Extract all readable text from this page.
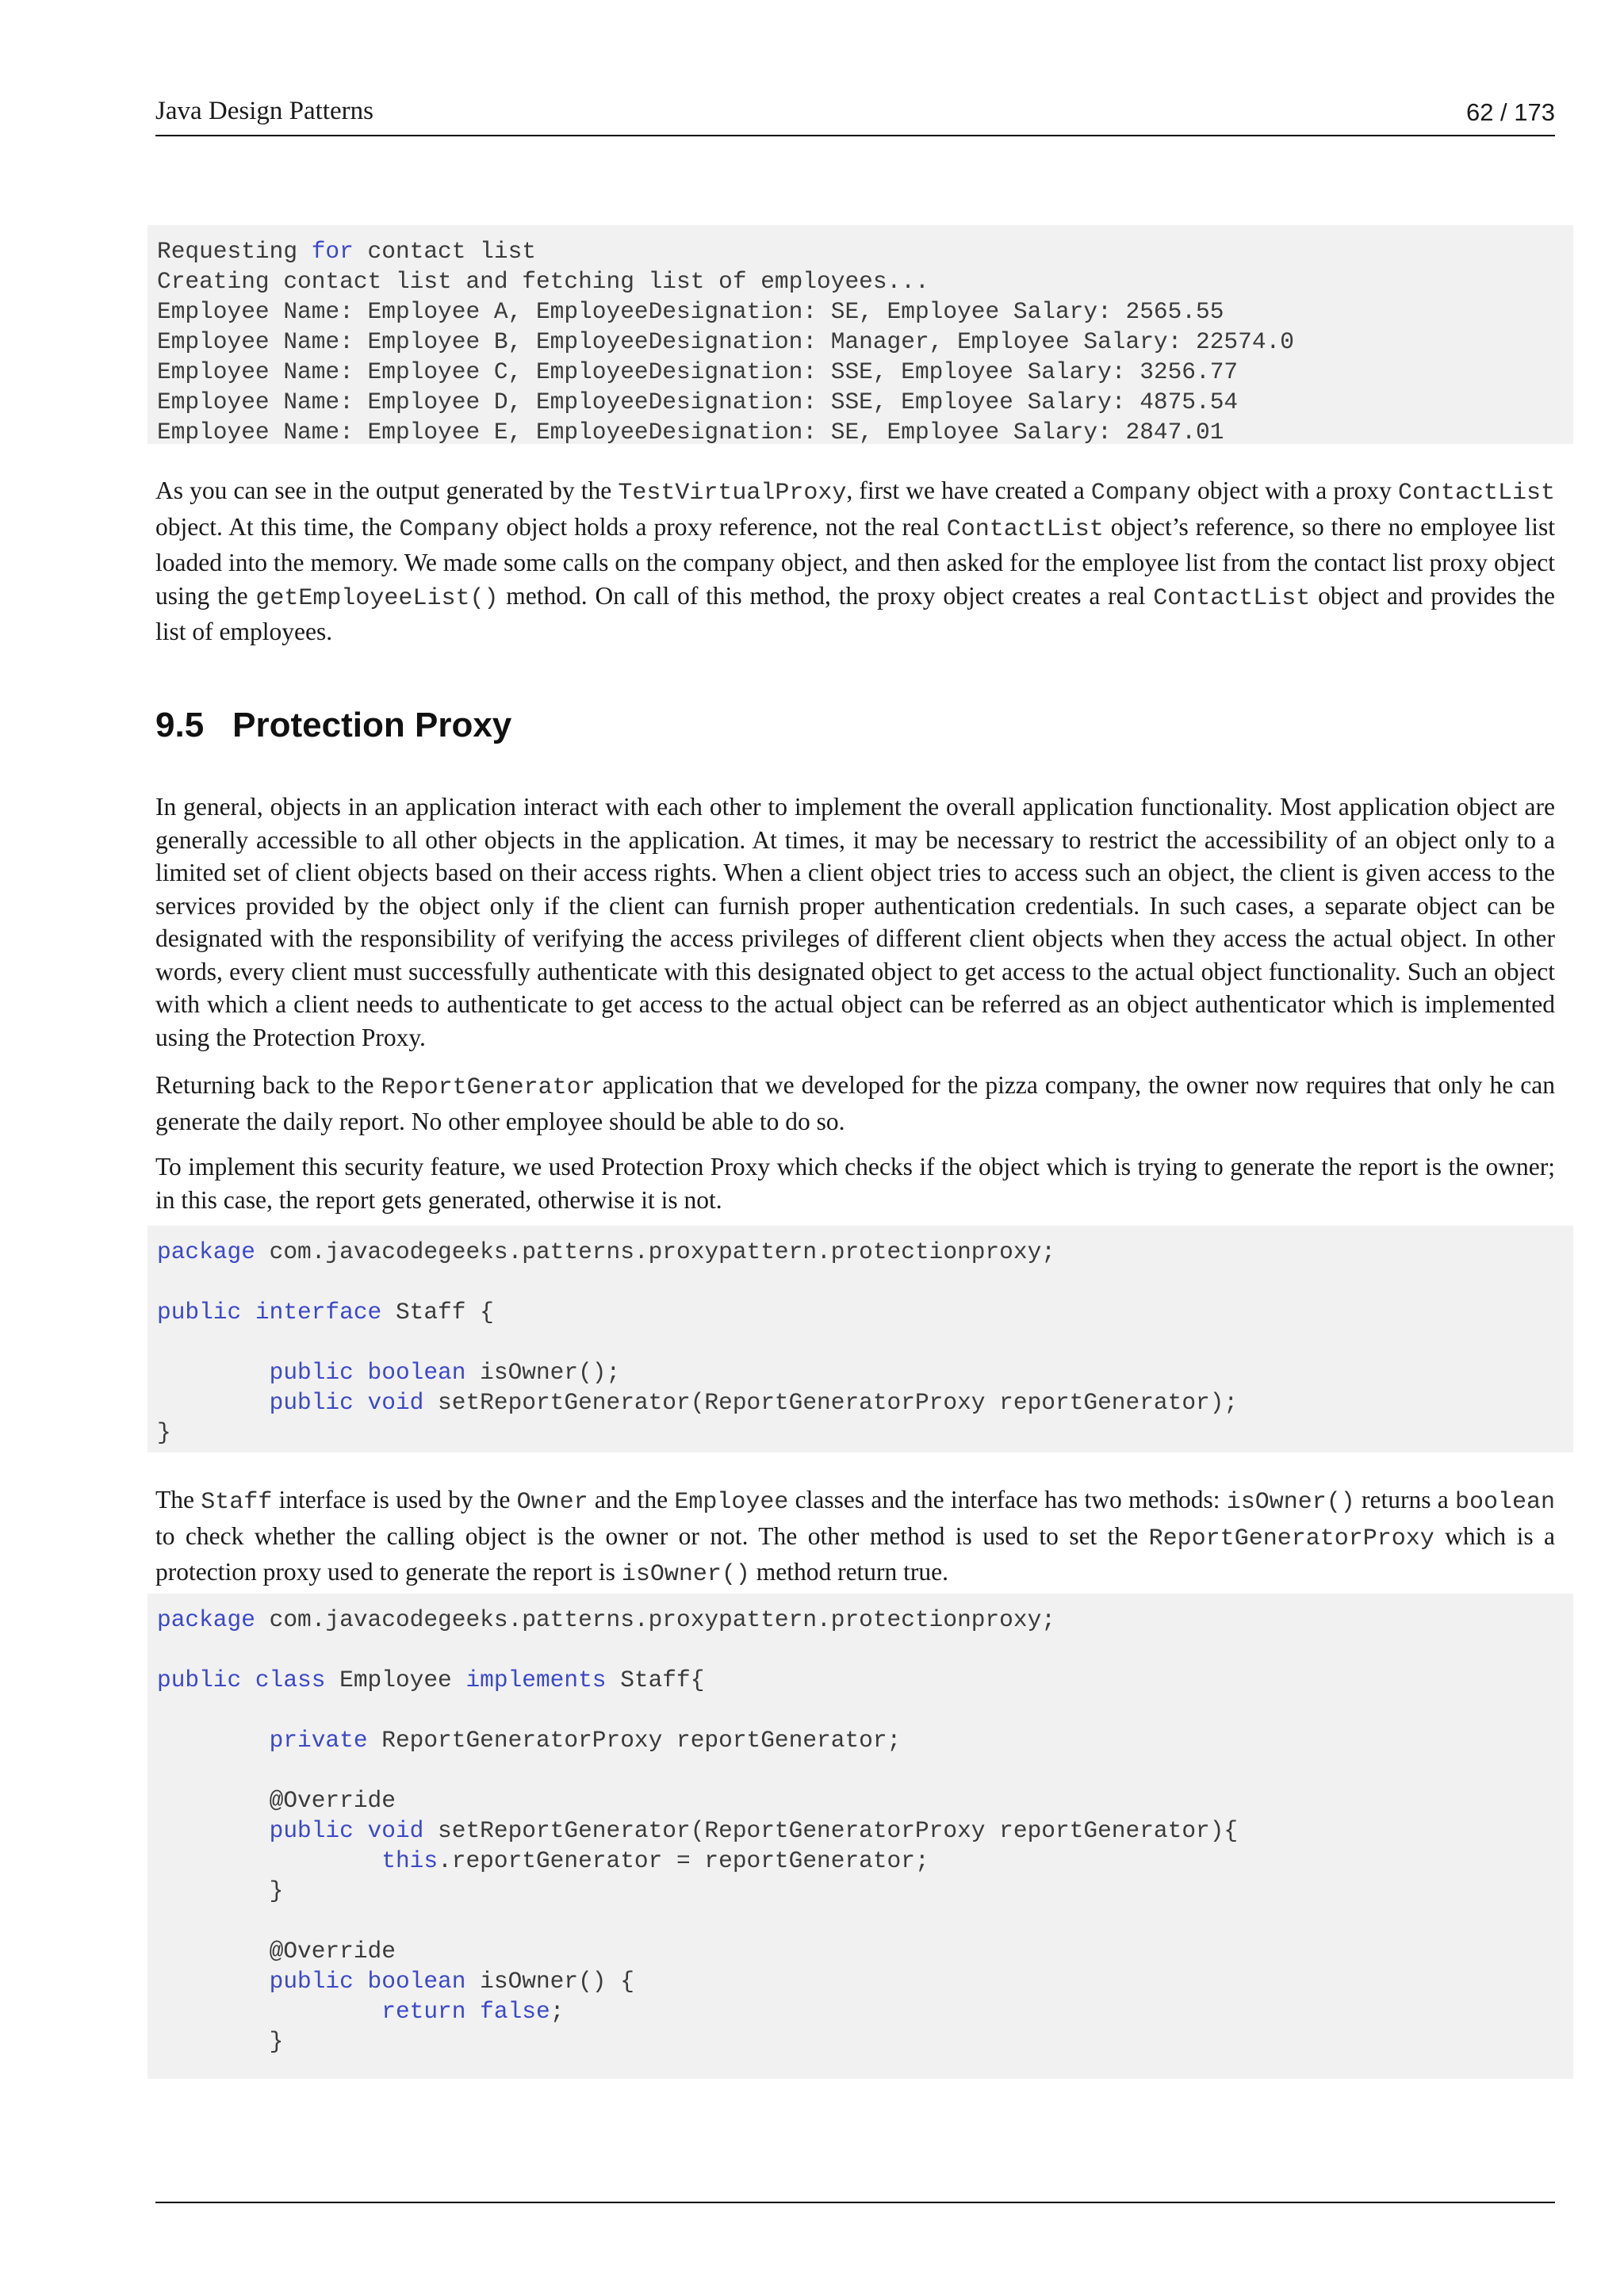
Java Design Patterns	62 / 173
Requesting for contact list
Creating contact list and fetching list of employees...
Employee Name: Employee A, EmployeeDesignation: SE, Employee Salary: 2565.55
Employee Name: Employee B, EmployeeDesignation: Manager, Employee Salary: 22574.0
Employee Name: Employee C, EmployeeDesignation: SSE, Employee Salary: 3256.77
Employee Name: Employee D, EmployeeDesignation: SSE, Employee Salary: 4875.54
Employee Name: Employee E, EmployeeDesignation: SE, Employee Salary: 2847.01
As you can see in the output generated by the TestVirtualProxy, first we have created a Company object with a proxy ContactList object. At this time, the Company object holds a proxy reference, not the real ContactList object’s reference, so there no employee list loaded into the memory. We made some calls on the company object, and then asked for the employee list from the contact list proxy object using the getEmployeeList() method. On call of this method, the proxy object creates a real ContactList object and provides the list of employees.
9.5 Protection Proxy
In general, objects in an application interact with each other to implement the overall application functionality. Most application object are generally accessible to all other objects in the application. At times, it may be necessary to restrict the accessibility of an object only to a limited set of client objects based on their access rights. When a client object tries to access such an object, the client is given access to the services provided by the object only if the client can furnish proper authentication credentials. In such cases, a separate object can be designated with the responsibility of verifying the access privileges of different client objects when they access the actual object. In other words, every client must successfully authenticate with this designated object to get access to the actual object functionality. Such an object with which a client needs to authenticate to get access to the actual object can be referred as an object authenticator which is implemented using the Protection Proxy.
Returning back to the ReportGenerator application that we developed for the pizza company, the owner now requires that only he can generate the daily report. No other employee should be able to do so.
To implement this security feature, we used Protection Proxy which checks if the object which is trying to generate the report is the owner; in this case, the report gets generated, otherwise it is not.
package com.javacodegeeks.patterns.proxypattern.protectionproxy;
public interface Staff {
public boolean isOwner();
public void setReportGenerator(ReportGeneratorProxy reportGenerator);
}
The Staff interface is used by the Owner and the Employee classes and the interface has two methods: isOwner() returns a boolean to check whether the calling object is the owner or not. The other method is used to set the ReportGeneratorProxy which is a protection proxy used to generate the report is isOwner() method return true.
package com.javacodegeeks.patterns.proxypattern.protectionproxy;
public class Employee implements Staff{
private ReportGeneratorProxy reportGenerator;
@Override
public void setReportGenerator(ReportGeneratorProxy reportGenerator){
this.reportGenerator = reportGenerator;
}
@Override
public boolean isOwner() {
return false;
}
